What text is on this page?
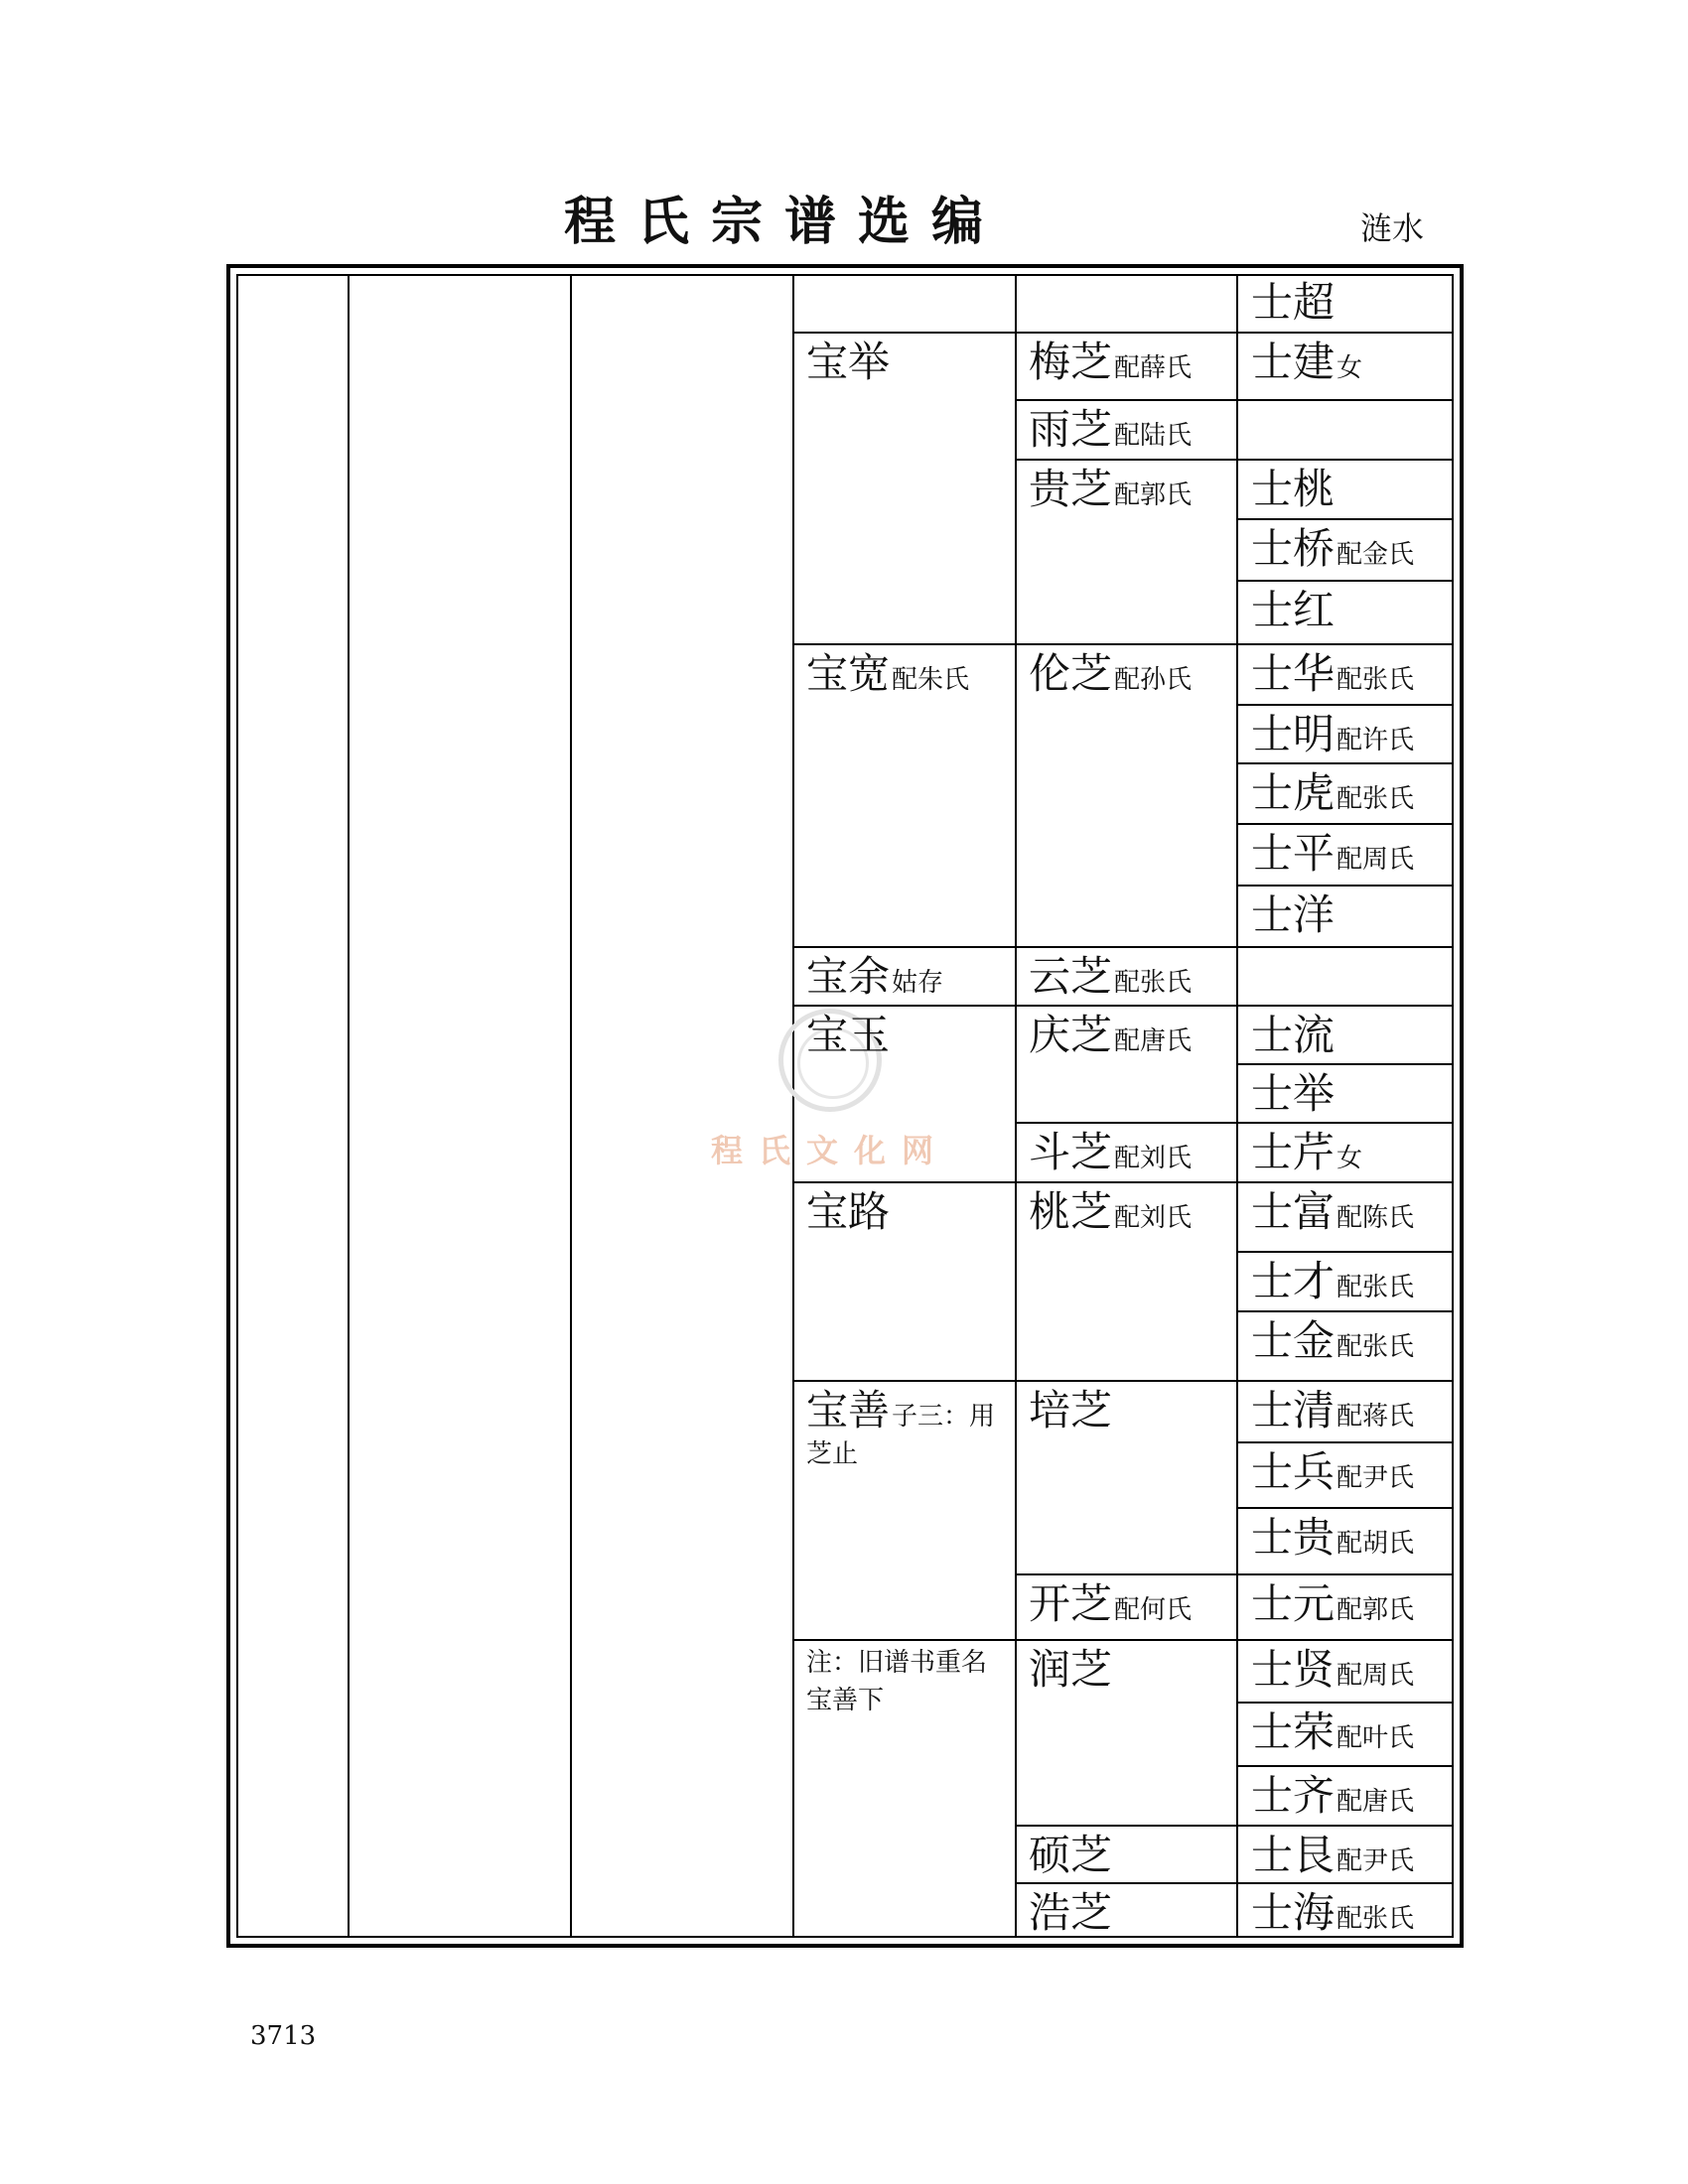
程氏宗谱选编	涟水
程氏文化网
宝举
宝宽配朱氏
宝余姑存
宝玉
宝路
宝善子三：用
芝止
注：旧谱书重名宝善下
梅芝配薛氏
雨芝配陆氏
贵芝配郭氏
伦芝配孙氏
云芝配张氏
庆芝配唐氏
斗芝配刘氏
桃芝配刘氏
培芝
开芝配何氏
润芝
硕芝
浩芝
士超
士建女
士桃
士桥配金氏
士红
士华配张氏
士明配许氏
士虎配张氏
士平配周氏
士洋
士流
士举
士芹女
士富配陈氏
士才配张氏
士金配张氏
士清配蒋氏
士兵配尹氏
士贵配胡氏
士元配郭氏
士贤配周氏
士荣配叶氏
士齐配唐氏
士艮配尹氏
士海配张氏
3713
